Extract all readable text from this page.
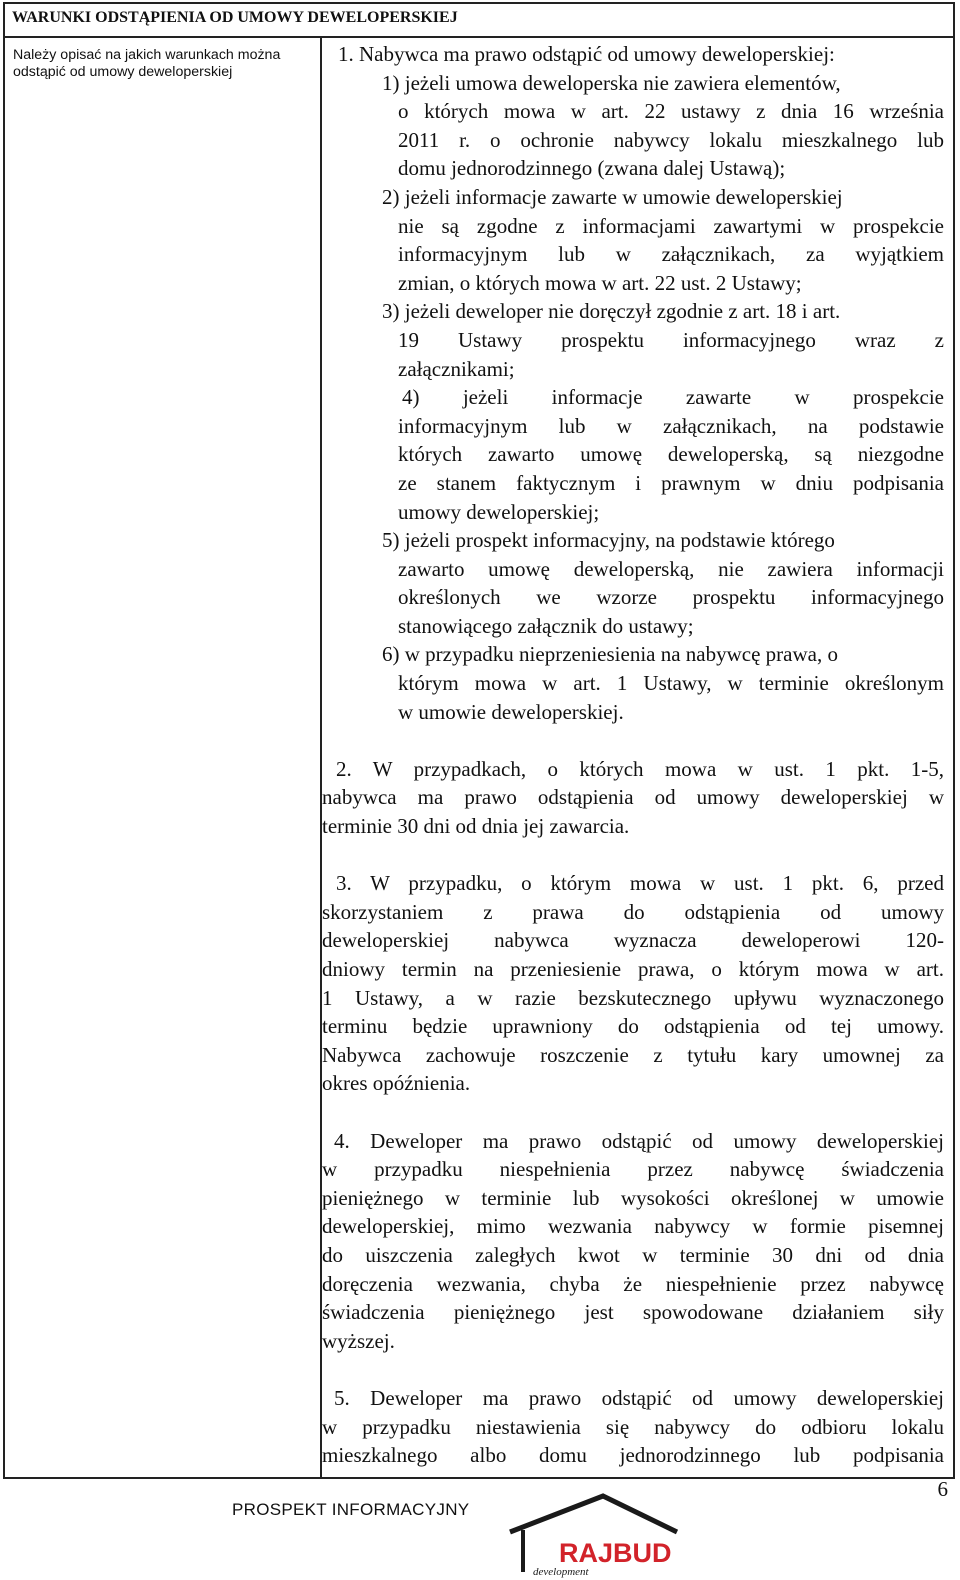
WARUNKI ODSTĄPIENIA OD UMOWY DEWELOPERSKIEJ
Należy opisać na jakich warunkach można odstąpić od umowy deweloperskiej
1. Nabywca ma prawo odstąpić od umowy deweloperskiej:
1) jeżeli umowa deweloperska nie zawiera elementów,
o których mowa w art. 22 ustawy z dnia 16 września
2011 r. o ochronie nabywcy lokalu mieszkalnego lub
domu jednorodzinnego (zwana dalej Ustawą);
2) jeżeli informacje zawarte w umowie deweloperskiej
nie są zgodne z informacjami zawartymi w prospekcie
informacyjnym lub w załącznikach, za wyjątkiem
zmian, o których mowa w art. 22 ust. 2 Ustawy;
3) jeżeli deweloper nie doręczył zgodnie z art. 18 i art.
19 Ustawy prospektu informacyjnego wraz z
załącznikami;
4) jeżeli informacje zawarte w prospekcie
informacyjnym lub w załącznikach, na podstawie
których zawarto umowę deweloperską, są niezgodne
ze stanem faktycznym i prawnym w dniu podpisania
umowy deweloperskiej;
5) jeżeli prospekt informacyjny, na podstawie którego
zawarto umowę deweloperską, nie zawiera informacji
określonych we wzorze prospektu informacyjnego
stanowiącego załącznik do ustawy;
6) w przypadku nieprzeniesienia na nabywcę prawa, o
którym mowa w art. 1 Ustawy, w terminie określonym
w umowie deweloperskiej.
2. W przypadkach, o których mowa w ust. 1 pkt. 1-5,
nabywca ma prawo odstąpienia od umowy deweloperskiej w
terminie 30 dni od dnia jej zawarcia.
3. W przypadku, o którym mowa w ust. 1 pkt. 6, przed
skorzystaniem z prawa do odstąpienia od umowy
deweloperskiej nabywca wyznacza deweloperowi 120-
dniowy termin na przeniesienie prawa, o którym mowa w art.
1 Ustawy, a w razie bezskutecznego upływu wyznaczonego
terminu będzie uprawniony do odstąpienia od tej umowy.
Nabywca zachowuje roszczenie z tytułu kary umownej za
okres opóźnienia.
4. Deweloper ma prawo odstąpić od umowy deweloperskiej
w przypadku niespełnienia przez nabywcę świadczenia
pieniężnego w terminie lub wysokości określonej w umowie
deweloperskiej, mimo wezwania nabywcy w formie pisemnej
do uiszczenia zaległych kwot w terminie 30 dni od dnia
doręczenia wezwania, chyba że niespełnienie przez nabywcę
świadczenia pieniężnego jest spowodowane działaniem siły
wyższej.
5. Deweloper ma prawo odstąpić od umowy deweloperskiej
w przypadku niestawienia się nabywcy do odbioru lokalu
mieszkalnego albo domu jednorodzinnego lub podpisania
6
PROSPEKT INFORMACYJNY
development
RAJBUD
